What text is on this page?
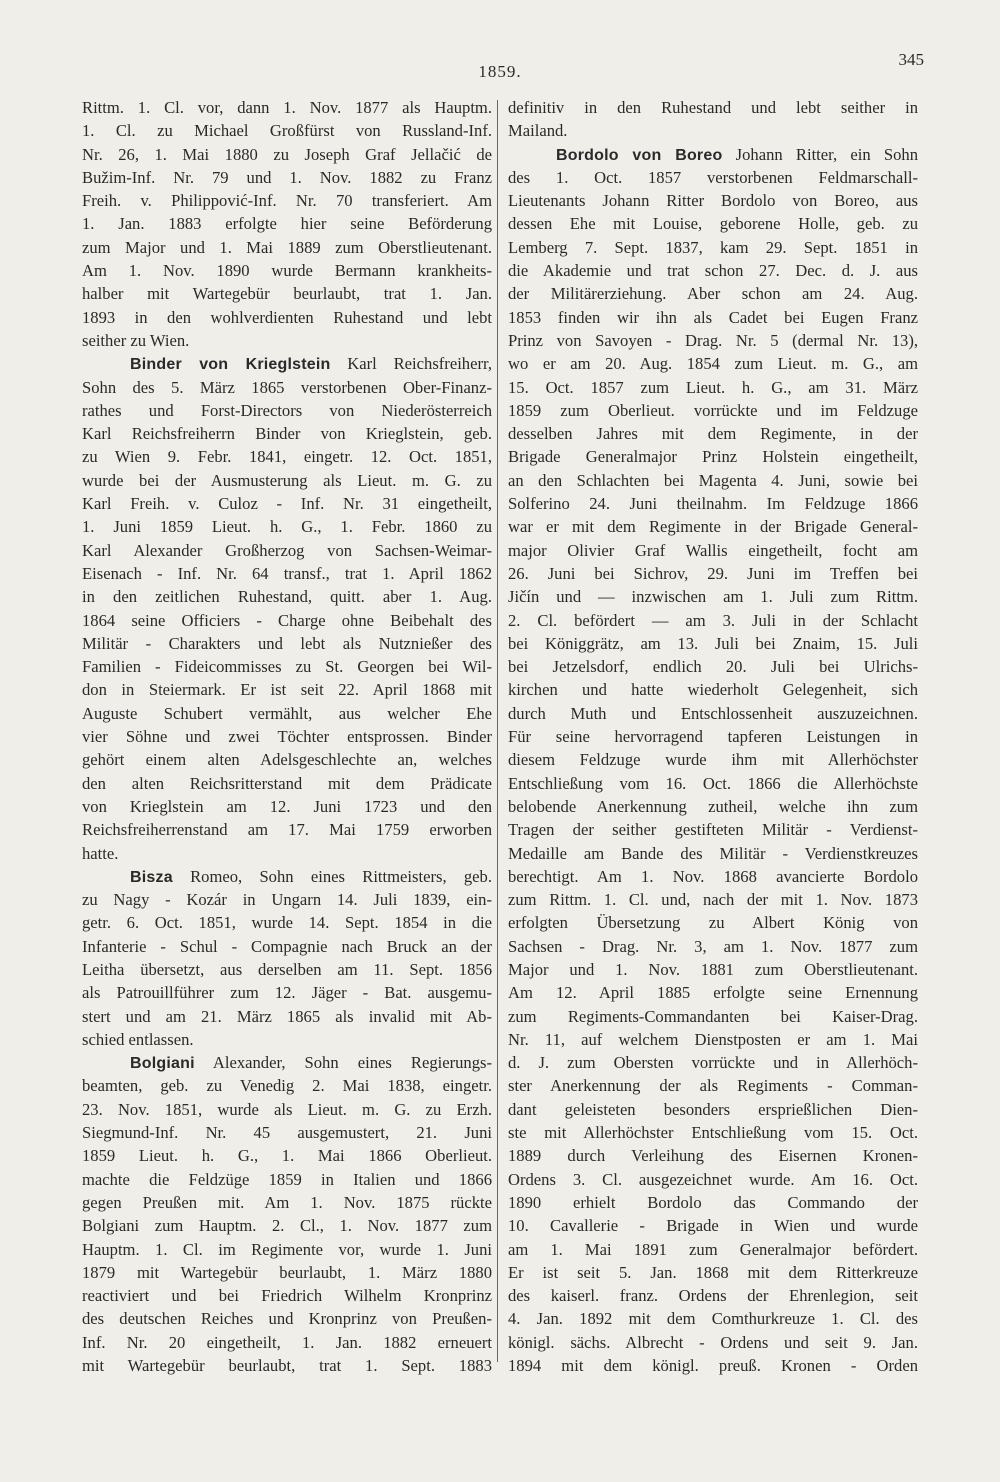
1859.
345
Rittm. 1. Cl. vor, dann 1. Nov. 1877 als Hauptm.
1. Cl. zu Michael Großfürst von Russland-Inf.
Nr. 26, 1. Mai 1880 zu Joseph Graf Jellačić de
Bužim-Inf. Nr. 79 und 1. Nov. 1882 zu Franz
Freih. v. Philippović-Inf. Nr. 70 transferiert. Am
1. Jan. 1883 erfolgte hier seine Beförderung
zum Major und 1. Mai 1889 zum Oberstlieutenant.
Am 1. Nov. 1890 wurde Bermann krankheits-
halber mit Wartegebür beurlaubt, trat 1. Jan.
1893 in den wohlverdienten Ruhestand und lebt
seither zu Wien.
Binder von Krieglstein Karl Reichsfreiherr,
Sohn des 5. März 1865 verstorbenen Ober-Finanz-
rathes und Forst-Directors von Niederösterreich
Karl Reichsfreiherrn Binder von Krieglstein, geb.
zu Wien 9. Febr. 1841, eingetr. 12. Oct. 1851,
wurde bei der Ausmusterung als Lieut. m. G. zu
Karl Freih. v. Culoz - Inf. Nr. 31 eingetheilt,
1. Juni 1859 Lieut. h. G., 1. Febr. 1860 zu
Karl Alexander Großherzog von Sachsen-Weimar-
Eisenach - Inf. Nr. 64 transf., trat 1. April 1862
in den zeitlichen Ruhestand, quitt. aber 1. Aug.
1864 seine Officiers - Charge ohne Beibehalt des
Militär - Charakters und lebt als Nutznießer des
Familien - Fideicommisses zu St. Georgen bei Wil-
don in Steiermark. Er ist seit 22. April 1868 mit
Auguste Schubert vermählt, aus welcher Ehe
vier Söhne und zwei Töchter entsprossen. Binder
gehört einem alten Adelsgeschlechte an, welches
den alten Reichsritterstand mit dem Prädicate
von Krieglstein am 12. Juni 1723 und den
Reichsfreiherrenstand am 17. Mai 1759 erworben
hatte.
Bisza Romeo, Sohn eines Rittmeisters, geb.
zu Nagy - Kozár in Ungarn 14. Juli 1839, ein-
getr. 6. Oct. 1851, wurde 14. Sept. 1854 in die
Infanterie - Schul - Compagnie nach Bruck an der
Leitha übersetzt, aus derselben am 11. Sept. 1856
als Patrouillführer zum 12. Jäger - Bat. ausgemu-
stert und am 21. März 1865 als invalid mit Ab-
schied entlassen.
Bolgiani Alexander, Sohn eines Regierungs-
beamten, geb. zu Venedig 2. Mai 1838, eingetr.
23. Nov. 1851, wurde als Lieut. m. G. zu Erzh.
Siegmund-Inf. Nr. 45 ausgemustert, 21. Juni
1859 Lieut. h. G., 1. Mai 1866 Oberlieut.
machte die Feldzüge 1859 in Italien und 1866
gegen Preußen mit. Am 1. Nov. 1875 rückte
Bolgiani zum Hauptm. 2. Cl., 1. Nov. 1877 zum
Hauptm. 1. Cl. im Regimente vor, wurde 1. Juni
1879 mit Wartegebür beurlaubt, 1. März 1880
reactiviert und bei Friedrich Wilhelm Kronprinz
des deutschen Reiches und Kronprinz von Preußen-
Inf. Nr. 20 eingetheilt, 1. Jan. 1882 erneuert
mit Wartegebür beurlaubt, trat 1. Sept. 1883
definitiv in den Ruhestand und lebt seither in
Mailand.
Bordolo von Boreo Johann Ritter, ein Sohn
des 1. Oct. 1857 verstorbenen Feldmarschall-
Lieutenants Johann Ritter Bordolo von Boreo, aus
dessen Ehe mit Louise, geborene Holle, geb. zu
Lemberg 7. Sept. 1837, kam 29. Sept. 1851 in
die Akademie und trat schon 27. Dec. d. J. aus
der Militärerziehung. Aber schon am 24. Aug.
1853 finden wir ihn als Cadet bei Eugen Franz
Prinz von Savoyen - Drag. Nr. 5 (dermal Nr. 13),
wo er am 20. Aug. 1854 zum Lieut. m. G., am
15. Oct. 1857 zum Lieut. h. G., am 31. März
1859 zum Oberlieut. vorrückte und im Feldzuge
desselben Jahres mit dem Regimente, in der
Brigade Generalmajor Prinz Holstein eingetheilt,
an den Schlachten bei Magenta 4. Juni, sowie bei
Solferino 24. Juni theilnahm. Im Feldzuge 1866
war er mit dem Regimente in der Brigade General-
major Olivier Graf Wallis eingetheilt, focht am
26. Juni bei Sichrov, 29. Juni im Treffen bei
Jičín und — inzwischen am 1. Juli zum Rittm.
2. Cl. befördert — am 3. Juli in der Schlacht
bei Königgrätz, am 13. Juli bei Znaim, 15. Juli
bei Jetzelsdorf, endlich 20. Juli bei Ulrichs-
kirchen und hatte wiederholt Gelegenheit, sich
durch Muth und Entschlossenheit auszuzeichnen.
Für seine hervorragend tapferen Leistungen in
diesem Feldzuge wurde ihm mit Allerhöchster
Entschließung vom 16. Oct. 1866 die Allerhöchste
belobende Anerkennung zutheil, welche ihn zum
Tragen der seither gestifteten Militär - Verdienst-
Medaille am Bande des Militär - Verdienstkreuzes
berechtigt. Am 1. Nov. 1868 avancierte Bordolo
zum Rittm. 1. Cl. und, nach der mit 1. Nov. 1873
erfolgten Übersetzung zu Albert König von
Sachsen - Drag. Nr. 3, am 1. Nov. 1877 zum
Major und 1. Nov. 1881 zum Oberstlieutenant.
Am 12. April 1885 erfolgte seine Ernennung
zum Regiments-Commandanten bei Kaiser-Drag.
Nr. 11, auf welchem Dienstposten er am 1. Mai
d. J. zum Obersten vorrückte und in Allerhöch-
ster Anerkennung der als Regiments - Comman-
dant geleisteten besonders ersprießlichen Dien-
ste mit Allerhöchster Entschließung vom 15. Oct.
1889 durch Verleihung des Eisernen Kronen-
Ordens 3. Cl. ausgezeichnet wurde. Am 16. Oct.
1890 erhielt Bordolo das Commando der
10. Cavallerie - Brigade in Wien und wurde
am 1. Mai 1891 zum Generalmajor befördert.
Er ist seit 5. Jan. 1868 mit dem Ritterkreuze
des kaiserl. franz. Ordens der Ehrenlegion, seit
4. Jan. 1892 mit dem Comthurkreuze 1. Cl. des
königl. sächs. Albrecht - Ordens und seit 9. Jan.
1894 mit dem königl. preuß. Kronen - Orden
